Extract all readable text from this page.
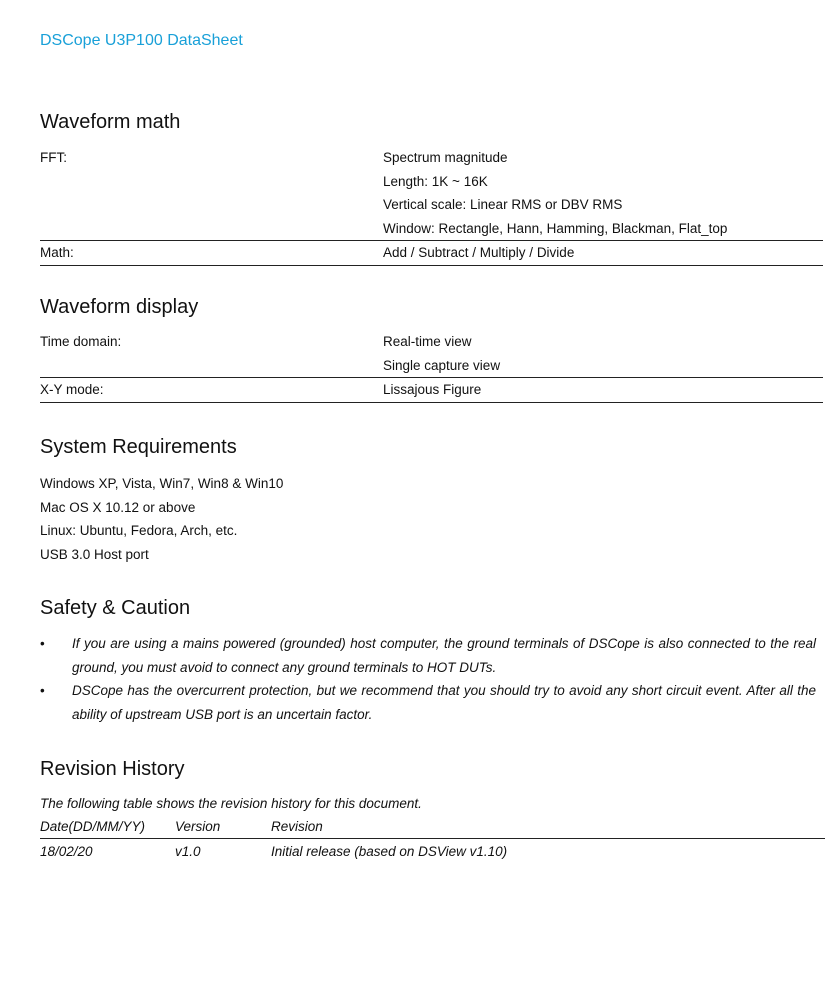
DSCope U3P100 DataSheet
Waveform math
FFT:	Spectrum magnitude
Length: 1K ~ 16K
Vertical scale: Linear RMS or DBV RMS
Window: Rectangle, Hann, Hamming, Blackman, Flat_top
Math:	Add / Subtract / Multiply / Divide
Waveform display
Time domain:	Real-time view
Single capture view
X-Y mode:	Lissajous Figure
System Requirements
Windows XP, Vista, Win7, Win8 & Win10
Mac OS X 10.12 or above
Linux: Ubuntu, Fedora, Arch, etc.
USB 3.0 Host port
Safety & Caution
•	If you are using a mains powered (grounded) host computer, the ground terminals of DSCope is also connected to the real ground, you must avoid to connect any ground terminals to HOT DUTs.
•	DSCope has the overcurrent protection, but we recommend that you should try to avoid any short circuit event. After all the ability of upstream USB port is an uncertain factor.
Revision History
The following table shows the revision history for this document.
Date(DD/MM/YY)	Version	Revision
18/02/20	v1.0	Initial release (based on DSView v1.10)
